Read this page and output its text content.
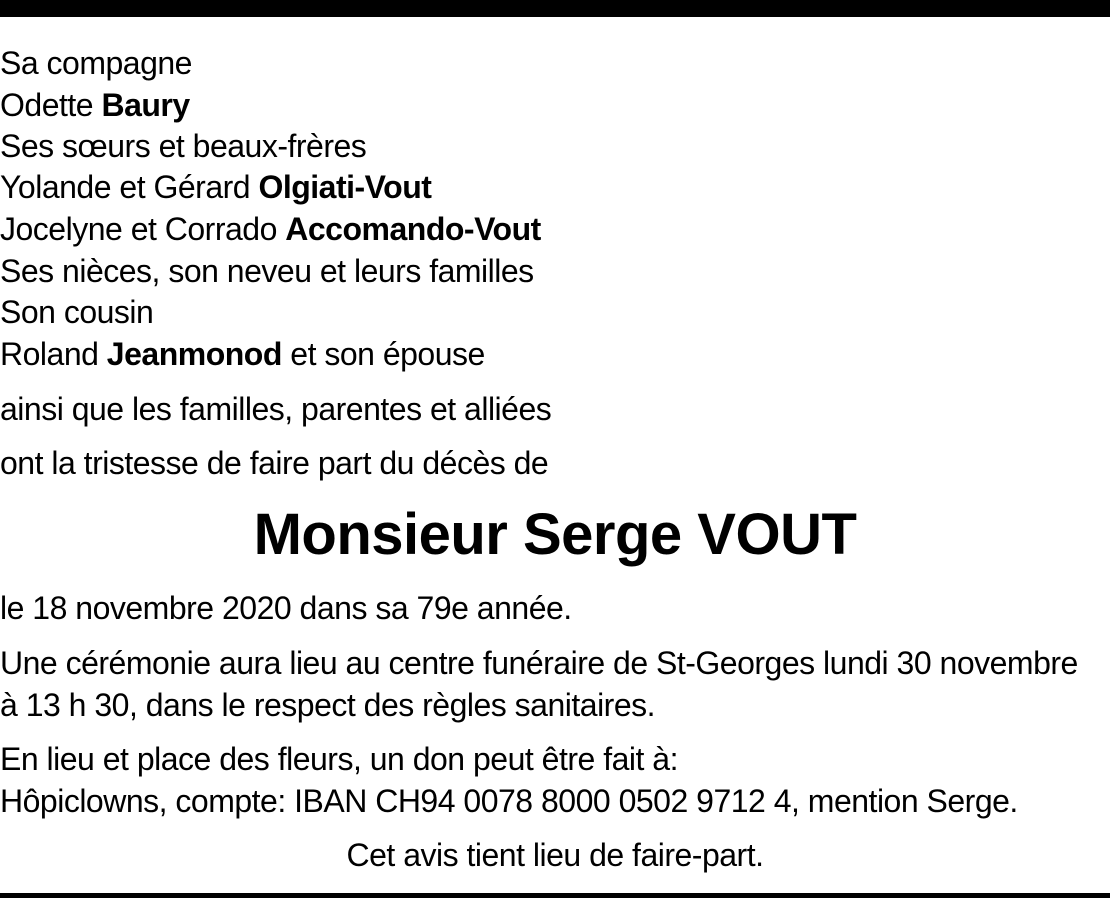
Sa compagne
Odette Baury
Ses sœurs et beaux-frères
Yolande et Gérard Olgiati-Vout
Jocelyne et Corrado Accomando-Vout
Ses nièces, son neveu et leurs familles
Son cousin
Roland Jeanmonod et son épouse
ainsi que les familles, parentes et alliées
ont la tristesse de faire part du décès de
Monsieur Serge VOUT
le 18 novembre 2020 dans sa 79e année.
Une cérémonie aura lieu au centre funéraire de St-Georges lundi 30 novembre
à 13 h 30, dans le respect des règles sanitaires.
En lieu et place des fleurs, un don peut être fait à:
Hôpiclowns, compte: IBAN CH94 0078 8000 0502 9712 4, mention Serge.
Cet avis tient lieu de faire-part.
